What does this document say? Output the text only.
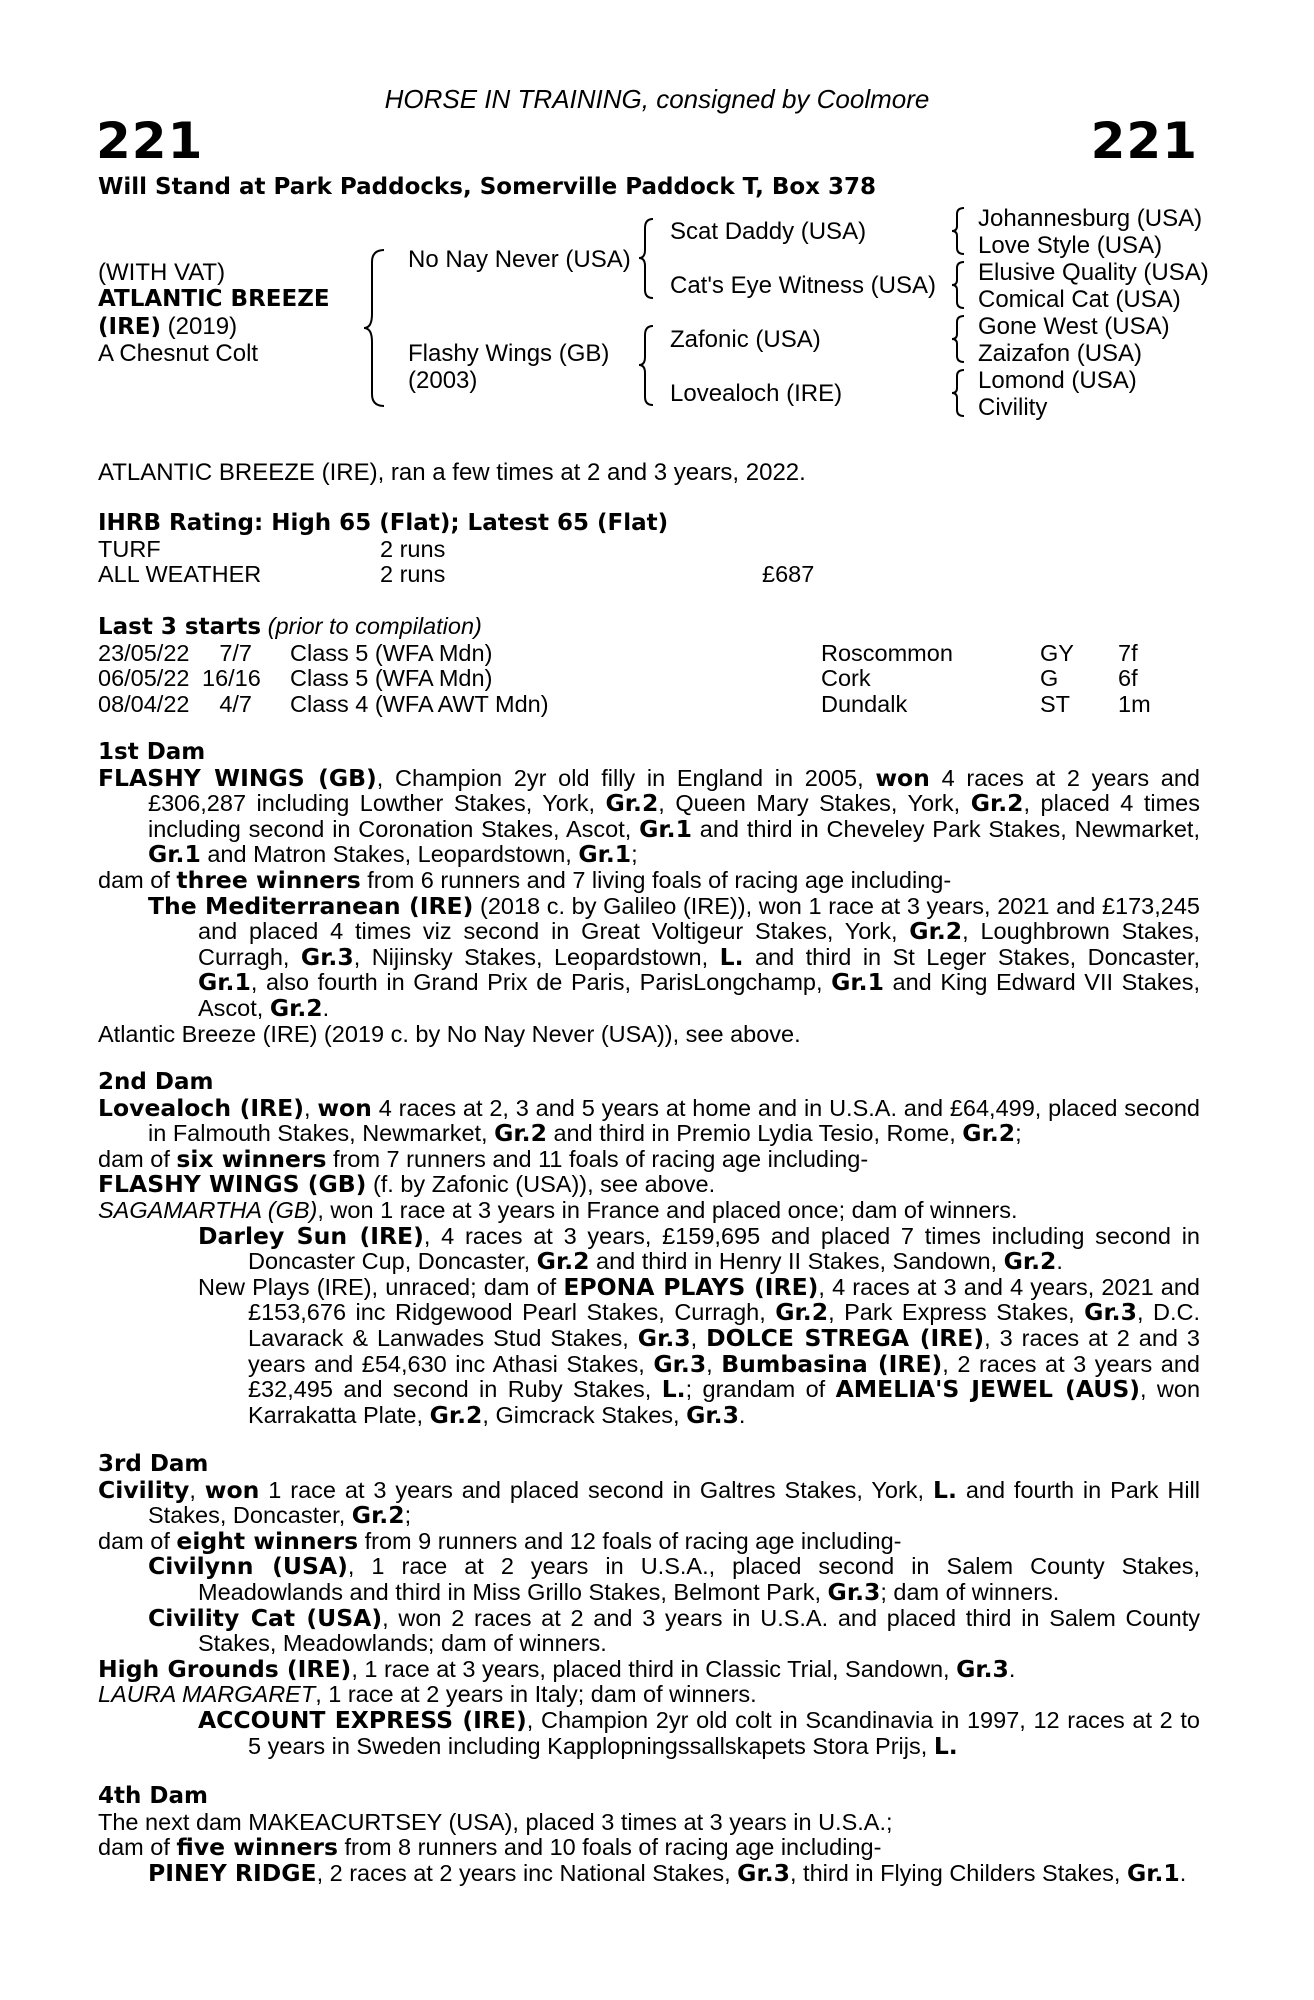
HORSE IN TRAINING, consigned by Coolmore
221	221
Will Stand at Park Paddocks, Somerville Paddock T, Box 378
(WITH VAT)
ATLANTIC BREEZE
(IRE) (2019)
A Chesnut Colt
No Nay Never (USA)
Flashy Wings (GB)
(2003)
Scat Daddy (USA)
Cat's Eye Witness (USA)
Zafonic (USA)
Lovealoch (IRE)
Johannesburg (USA)
Love Style (USA)
Elusive Quality (USA)
Comical Cat (USA)
Gone West (USA)
Zaizafon (USA)
Lomond (USA)
Civility
ATLANTIC BREEZE (IRE), ran a few times at 2 and 3 years, 2022.
IHRB Rating: High 65 (Flat); Latest 65 (Flat)
TURF	2 runs
ALL WEATHER	2 runs	£687
Last 3 starts (prior to compilation)
23/05/22	7/7 Class 5 (WFA Mdn)	Roscommon	GY 7f
06/05/22 16/16 Class 5 (WFA Mdn)	Cork	G	6f
08/04/22	4/7 Class 4 (WFA AWT Mdn)	Dundalk	ST 1m
1st Dam

FLASHY WINGS (GB), Champion 2yr old filly in England in 2005, won 4 races at 2 years and £306,287 including Lowther Stakes, York, Gr.2, Queen Mary Stakes, York, Gr.2, placed 4 times including second in Coronation Stakes, Ascot, Gr.1 and third in Cheveley Park Stakes, Newmarket, Gr.1 and Matron Stakes, Leopardstown, Gr.1;

dam of three winners from 6 runners and 7 living foals of racing age including-

The Mediterranean (IRE) (2018 c. by Galileo (IRE)), won 1 race at 3 years, 2021 and £173,245 and placed 4 times viz second in Great Voltigeur Stakes, York, Gr.2, Loughbrown Stakes, Curragh, Gr.3, Nijinsky Stakes, Leopardstown, L. and third in St Leger Stakes, Doncaster, Gr.1, also fourth in Grand Prix de Paris, ParisLongchamp, Gr.1 and King Edward VII Stakes, Ascot, Gr.2.

Atlantic Breeze (IRE) (2019 c. by No Nay Never (USA)), see above.

2nd Dam

Lovealoch (IRE), won 4 races at 2, 3 and 5 years at home and in U.S.A. and £64,499, placed second in Falmouth Stakes, Newmarket, Gr.2 and third in Premio Lydia Tesio, Rome, Gr.2;

dam of six winners from 7 runners and 11 foals of racing age including-

FLASHY WINGS (GB) (f. by Zafonic (USA)), see above.

SAGAMARTHA (GB), won 1 race at 3 years in France and placed once; dam of winners.

Darley Sun (IRE), 4 races at 3 years, £159,695 and placed 7 times including second in Doncaster Cup, Doncaster, Gr.2 and third in Henry II Stakes, Sandown, Gr.2.

New Plays (IRE), unraced; dam of EPONA PLAYS (IRE), 4 races at 3 and 4 years, 2021 and £153,676 inc Ridgewood Pearl Stakes, Curragh, Gr.2, Park Express Stakes, Gr.3, D.C. Lavarack & Lanwades Stud Stakes, Gr.3, DOLCE STREGA (IRE), 3 races at 2 and 3 years and £54,630 inc Athasi Stakes, Gr.3, Bumbasina (IRE), 2 races at 3 years and £32,495 and second in Ruby Stakes, L.; grandam of AMELIA'S JEWEL (AUS), won Karrakatta Plate, Gr.2, Gimcrack Stakes, Gr.3.

3rd Dam

Civility, won 1 race at 3 years and placed second in Galtres Stakes, York, L. and fourth in Park Hill Stakes, Doncaster, Gr.2;

dam of eight winners from 9 runners and 12 foals of racing age including-

Civilynn (USA), 1 race at 2 years in U.S.A., placed second in Salem County Stakes, Meadowlands and third in Miss Grillo Stakes, Belmont Park, Gr.3; dam of winners.

Civility Cat (USA), won 2 races at 2 and 3 years in U.S.A. and placed third in Salem County Stakes, Meadowlands; dam of winners.

High Grounds (IRE), 1 race at 3 years, placed third in Classic Trial, Sandown, Gr.3.

LAURA MARGARET, 1 race at 2 years in Italy; dam of winners.

ACCOUNT EXPRESS (IRE), Champion 2yr old colt in Scandinavia in 1997, 12 races at 2 to 5 years in Sweden including Kapplopningssallskapets Stora Prijs, L.

4th Dam

The next dam MAKEACURTSEY (USA), placed 3 times at 3 years in U.S.A.;

dam of five winners from 8 runners and 10 foals of racing age including-

PINEY RIDGE, 2 races at 2 years inc National Stakes, Gr.3, third in Flying Childers Stakes, Gr.1.
